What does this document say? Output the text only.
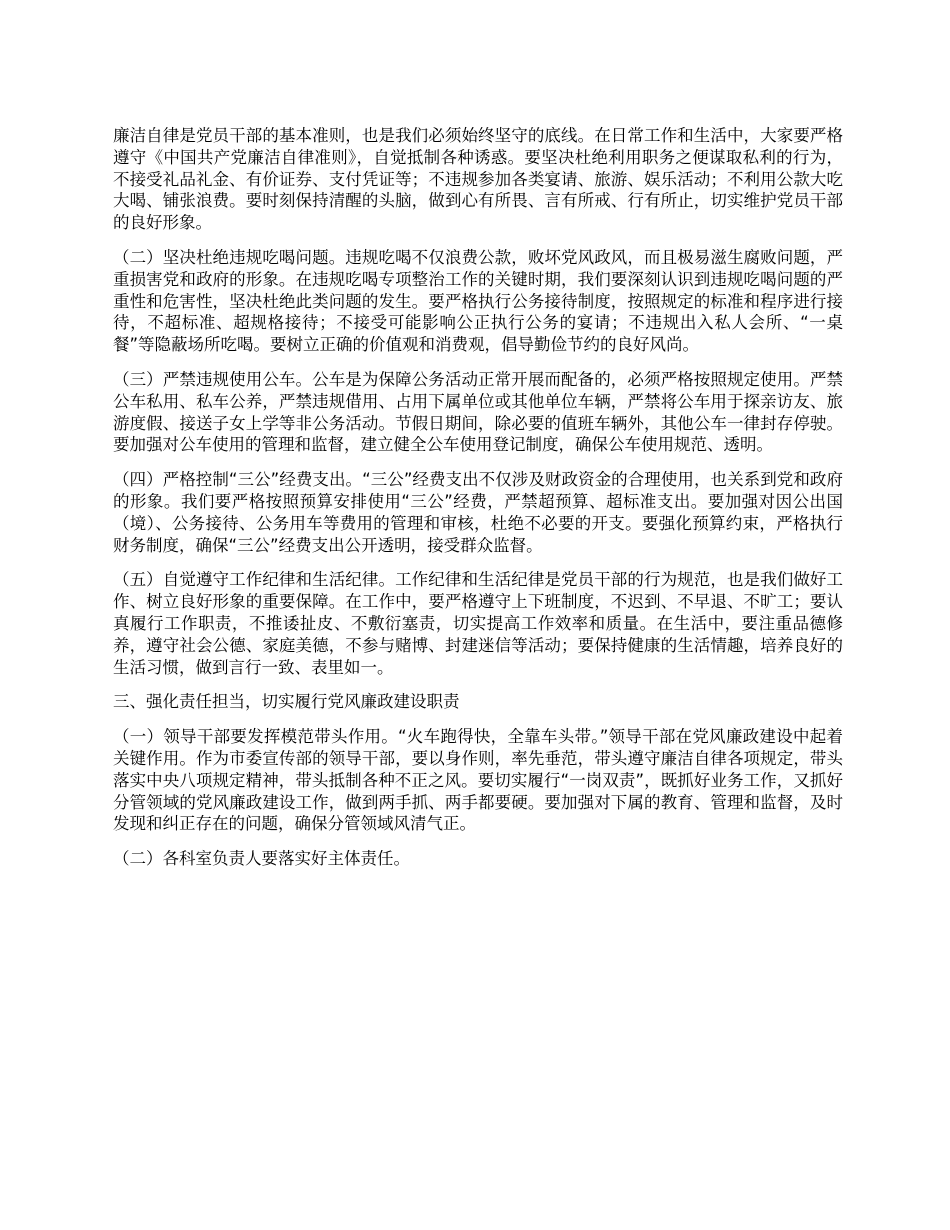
廉洁自律是党员干部的基本准则，也是我们必须始终坚守的底线。在日常工作和生活中，大家要严格遵守《中国共产党廉洁自律准则》，自觉抵制各种诱惑。要坚决杜绝利用职务之便谋取私利的行为，不接受礼品礼金、有价证券、支付凭证等；不违规参加各类宴请、旅游、娱乐活动；不利用公款大吃大喝、铺张浪费。要时刻保持清醒的头脑，做到心有所畏、言有所戒、行有所止，切实维护党员干部的良好形象。

（二）坚决杜绝违规吃喝问题。违规吃喝不仅浪费公款，败坏党风政风，而且极易滋生腐败问题，严重损害党和政府的形象。在违规吃喝专项整治工作的关键时期，我们要深刻认识到违规吃喝问题的严重性和危害性，坚决杜绝此类问题的发生。要严格执行公务接待制度，按照规定的标准和程序进行接待，不超标准、超规格接待；不接受可能影响公正执行公务的宴请；不违规出入私人会所、“一桌餐”等隐蔽场所吃喝。要树立正确的价值观和消费观，倡导勤俭节约的良好风尚。

（三）严禁违规使用公车。公车是为保障公务活动正常开展而配备的，必须严格按照规定使用。严禁公车私用、私车公养，严禁违规借用、占用下属单位或其他单位车辆，严禁将公车用于探亲访友、旅游度假、接送子女上学等非公务活动。节假日期间，除必要的值班车辆外，其他公车一律封存停驶。要加强对公车使用的管理和监督，建立健全公车使用登记制度，确保公车使用规范、透明。

（四）严格控制“三公”经费支出。“三公”经费支出不仅涉及财政资金的合理使用，也关系到党和政府的形象。我们要严格按照预算安排使用“三公”经费，严禁超预算、超标准支出。要加强对因公出国（境）、公务接待、公务用车等费用的管理和审核，杜绝不必要的开支。要强化预算约束，严格执行财务制度，确保“三公”经费支出公开透明，接受群众监督。

（五）自觉遵守工作纪律和生活纪律。工作纪律和生活纪律是党员干部的行为规范，也是我们做好工作、树立良好形象的重要保障。在工作中，要严格遵守上下班制度，不迟到、不早退、不旷工；要认真履行工作职责，不推诿扯皮、不敷衍塞责，切实提高工作效率和质量。在生活中，要注重品德修养，遵守社会公德、家庭美德，不参与赌博、封建迷信等活动；要保持健康的生活情趣，培养良好的生活习惯，做到言行一致、表里如一。

三、强化责任担当，切实履行党风廉政建设职责

（一）领导干部要发挥模范带头作用。“火车跑得快，全靠车头带。”领导干部在党风廉政建设中起着关键作用。作为市委宣传部的领导干部，要以身作则，率先垂范，带头遵守廉洁自律各项规定，带头落实中央八项规定精神，带头抵制各种不正之风。要切实履行“一岗双责”，既抓好业务工作，又抓好分管领域的党风廉政建设工作，做到两手抓、两手都要硬。要加强对下属的教育、管理和监督，及时发现和纠正存在的问题，确保分管领域风清气正。

（二）各科室负责人要落实好主体责任。
